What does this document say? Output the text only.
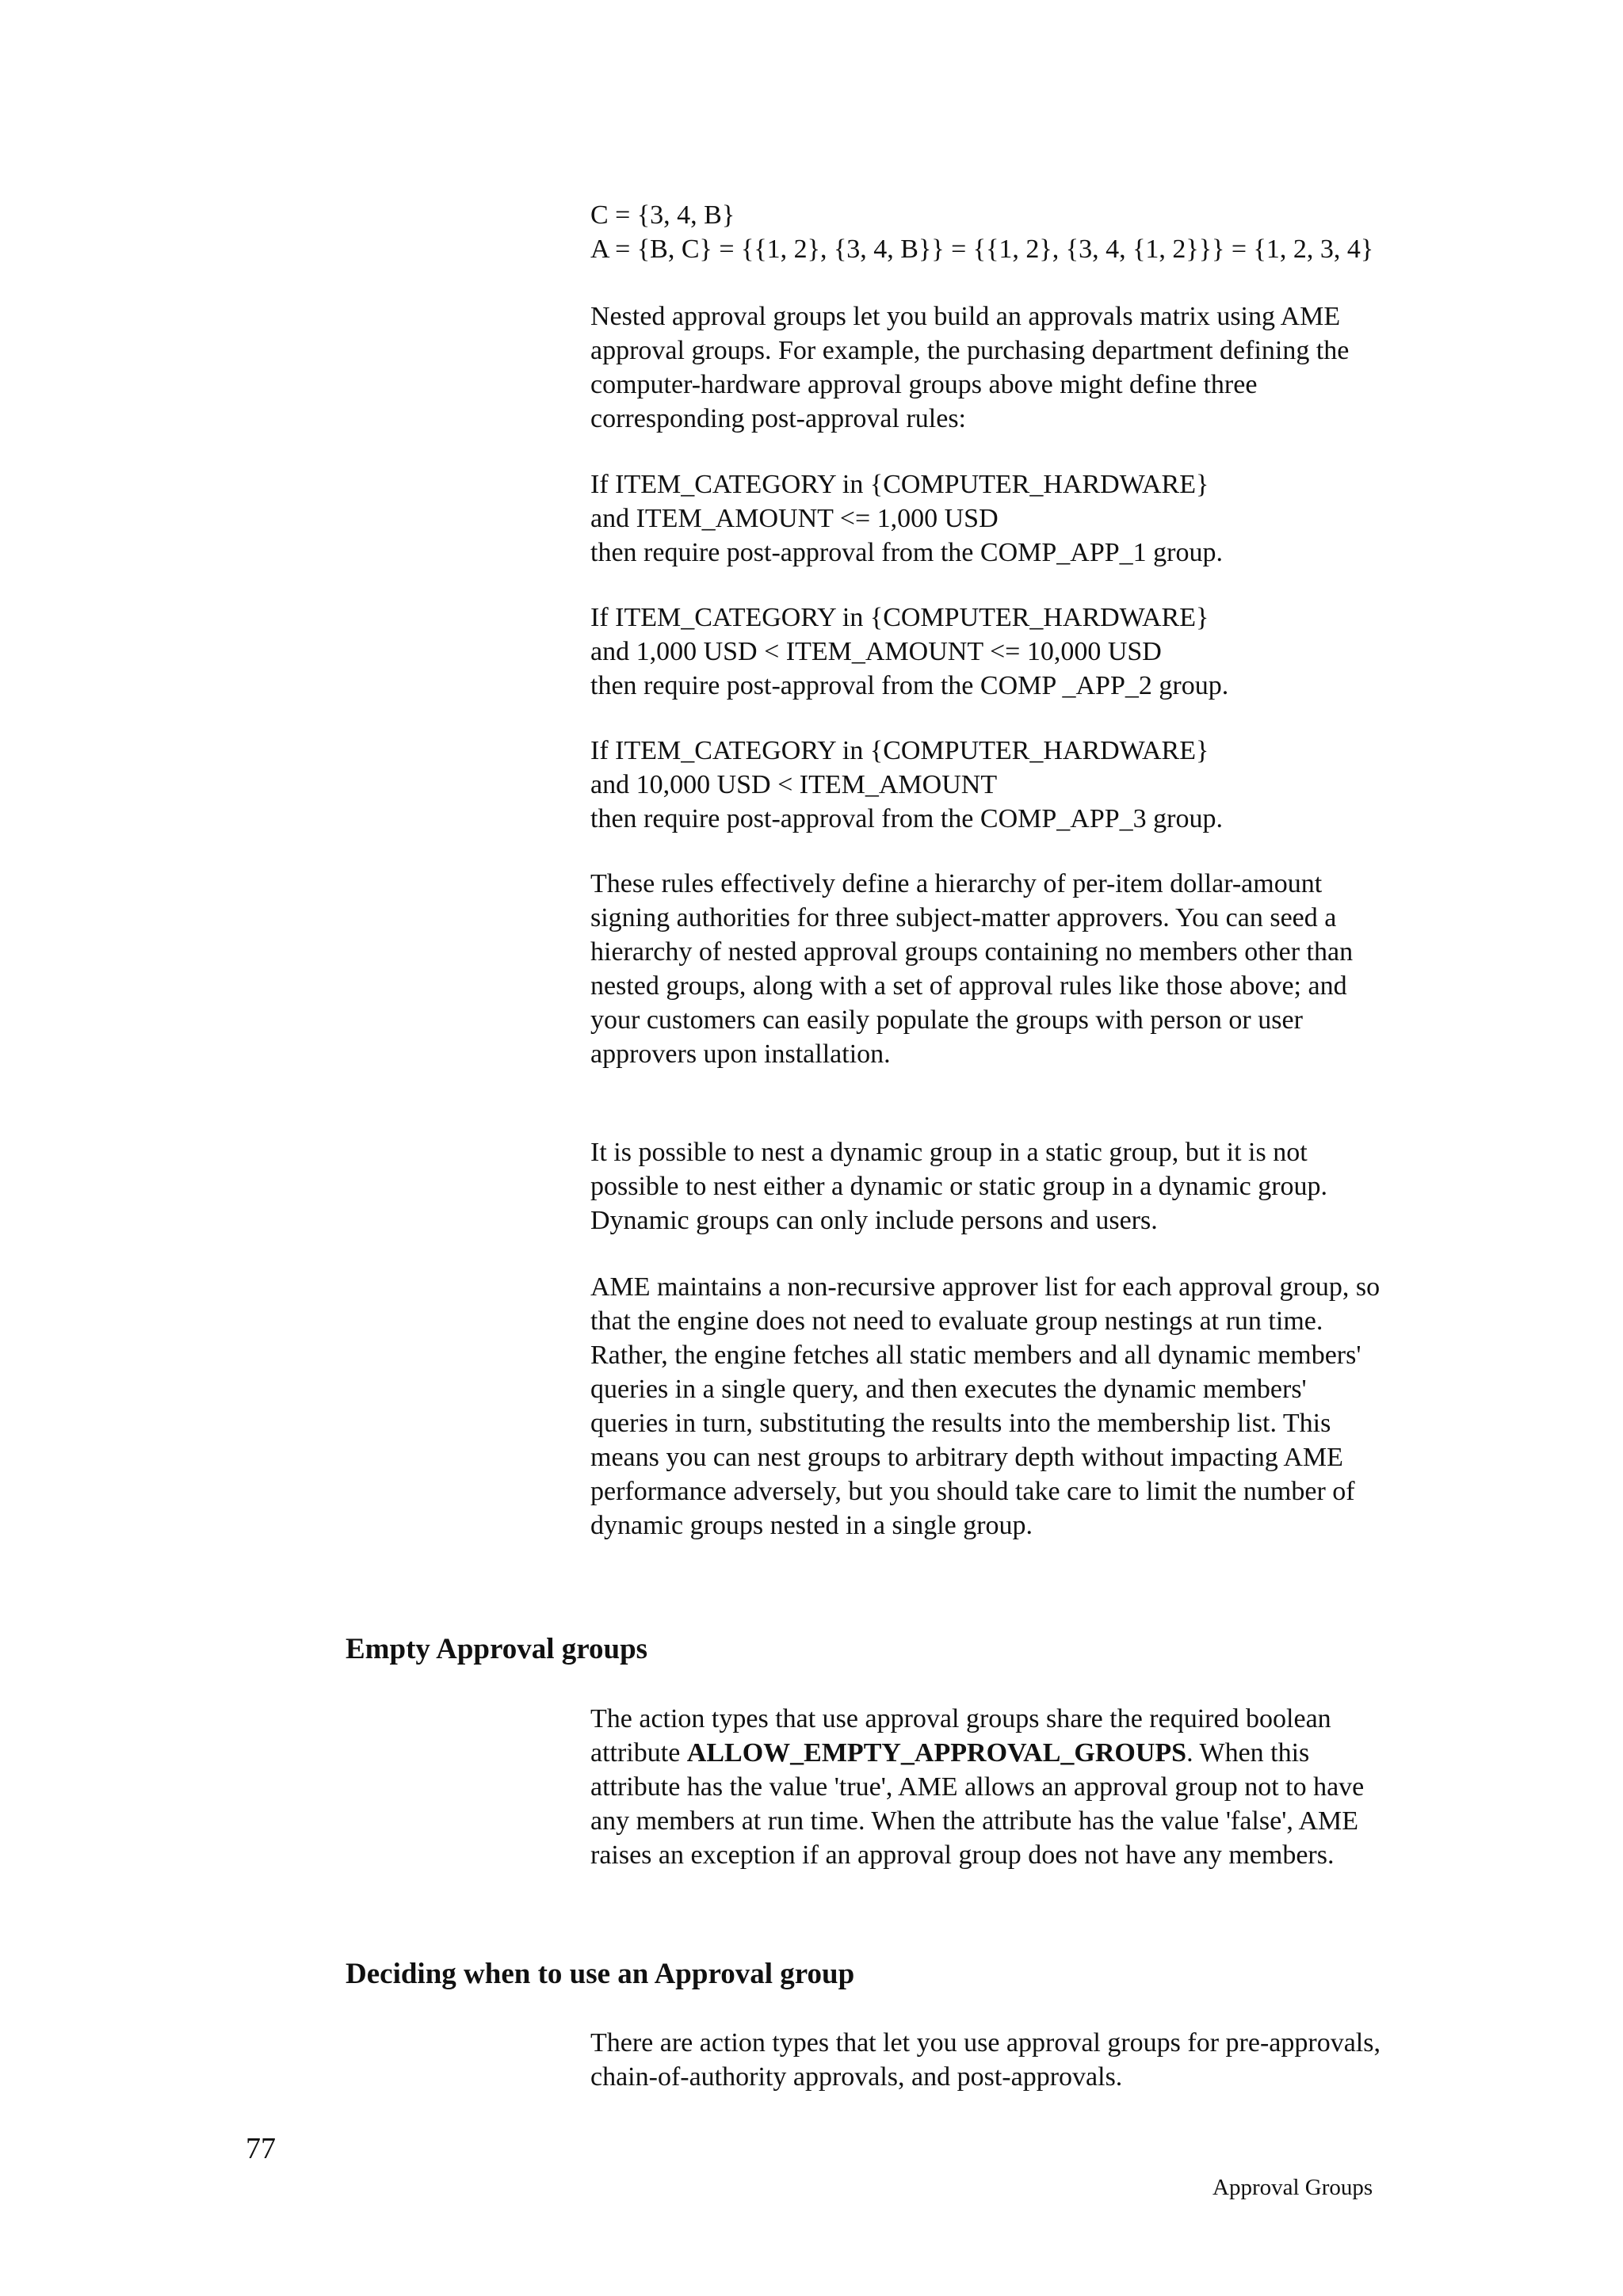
C = {3, 4, B}

A = {B, C} = {{1, 2}, {3, 4, B}} = {{1, 2}, {3, 4, {1, 2}}} = {1, 2, 3, 4}

Nested approval groups let you build an approvals matrix using AME approval groups. For example, the purchasing department defining the computer-hardware approval groups above might define three corresponding post-approval rules:

If ITEM_CATEGORY in {COMPUTER_HARDWARE}

and ITEM_AMOUNT <= 1,000 USD

then require post-approval from the COMP_APP_1 group.

If ITEM_CATEGORY in {COMPUTER_HARDWARE}

and 1,000 USD < ITEM_AMOUNT <= 10,000 USD

then require post-approval from the COMP _APP_2 group.

If ITEM_CATEGORY in {COMPUTER_HARDWARE}

and 10,000 USD < ITEM_AMOUNT

then require post-approval from the COMP_APP_3 group.

These rules effectively define a hierarchy of per-item dollar-amount signing authorities for three subject-matter approvers. You can seed a hierarchy of nested approval groups containing no members other than nested groups, along with a set of approval rules like those above; and your customers can easily populate the groups with person or user approvers upon installation.

It is possible to nest a dynamic group in a static group, but it is not possible to nest either a dynamic or static group in a dynamic group. Dynamic groups can only include persons and users.

AME maintains a non-recursive approver list for each approval group, so that the engine does not need to evaluate group nestings at run time. Rather, the engine fetches all static members and all dynamic members' queries in a single query, and then executes the dynamic members' queries in turn, substituting the results into the membership list. This means you can nest groups to arbitrary depth without impacting AME performance adversely, but you should take care to limit the number of dynamic groups nested in a single group.

Empty Approval groups

The action types that use approval groups share the required boolean attribute ALLOW_EMPTY_APPROVAL_GROUPS. When this attribute has the value 'true', AME allows an approval group not to have any members at run time. When the attribute has the value 'false', AME raises an exception if an approval group does not have any members.

Deciding when to use an Approval group

There are action types that let you use approval groups for pre-approvals, chain-of-authority approvals, and post-approvals.

77
Approval Groups
